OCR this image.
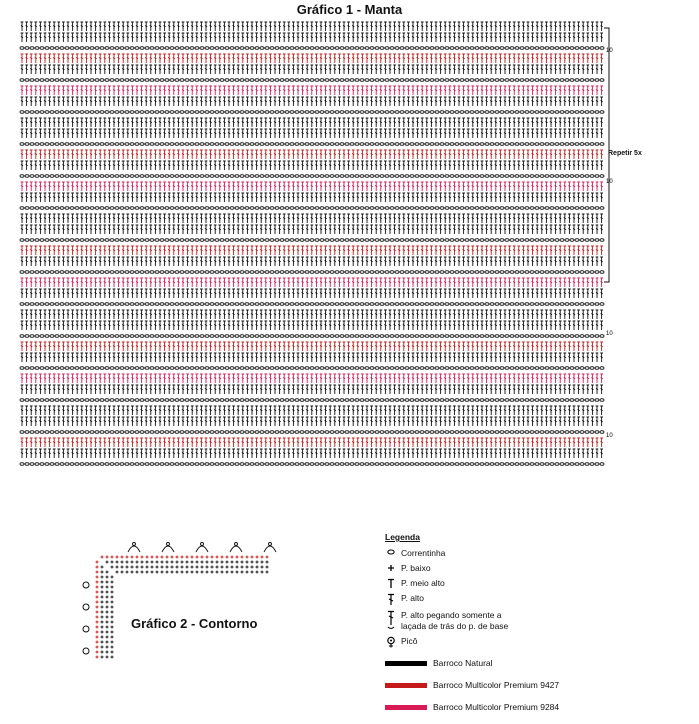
10
10
10
10
Gráfico 1 - Manta
Repetir 5x
Gráfico 2 - Contorno
Legenda
Correntinha
P. baixo
P. meio alto
P. alto
P. alto pegando somente a
laçada de trás do p. de base
Picô
Barroco Natural
Barroco Multicolor Premium 9427
Barroco Multicolor Premium 9284
